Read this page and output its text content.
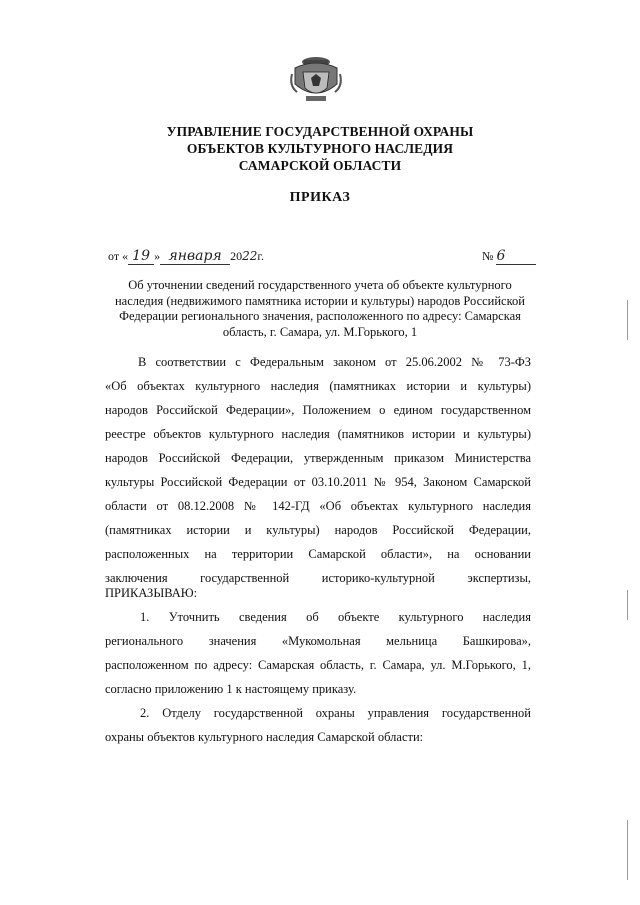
УПРАВЛЕНИЕ ГОСУДАРСТВЕННОЙ ОХРАНЫ
ОБЪЕКТОВ КУЛЬТУРНОГО НАСЛЕДИЯ
САМАРСКОЙ ОБЛАСТИ
ПРИКАЗ
от « 19 » января 2022г.	№ 6
Об уточнении сведений государственного учета об объекте культурного
наследия (недвижимого памятника истории и культуры) народов Российской
Федерации регионального значения, расположенного по адресу: Самарская
область, г. Самара, ул. М.Горького, 1
В соответствии с Федеральным законом от 25.06.2002 № 73-ФЗ
«Об объектах культурного наследия (памятниках истории и культуры)
народов Российской Федерации», Положением о едином государственном
реестре объектов культурного наследия (памятников истории и культуры)
народов Российской Федерации, утвержденным приказом Министерства
культуры Российской Федерации от 03.10.2011 № 954, Законом Самарской
области от 08.12.2008 № 142-ГД «Об объектах культурного наследия
(памятниках истории и культуры) народов Российской Федерации,
расположенных на территории Самарской области», на основании
заключения государственной историко-культурной экспертизы,
ПРИКАЗЫВАЮ:
1. Уточнить сведения об объекте культурного наследия
регионального значения «Мукомольная мельница Башкирова»,
расположенном по адресу: Самарская область, г. Самара, ул. М.Горького, 1,
согласно приложению 1 к настоящему приказу.
2. Отделу государственной охраны управления государственной
охраны объектов культурного наследия Самарской области:
